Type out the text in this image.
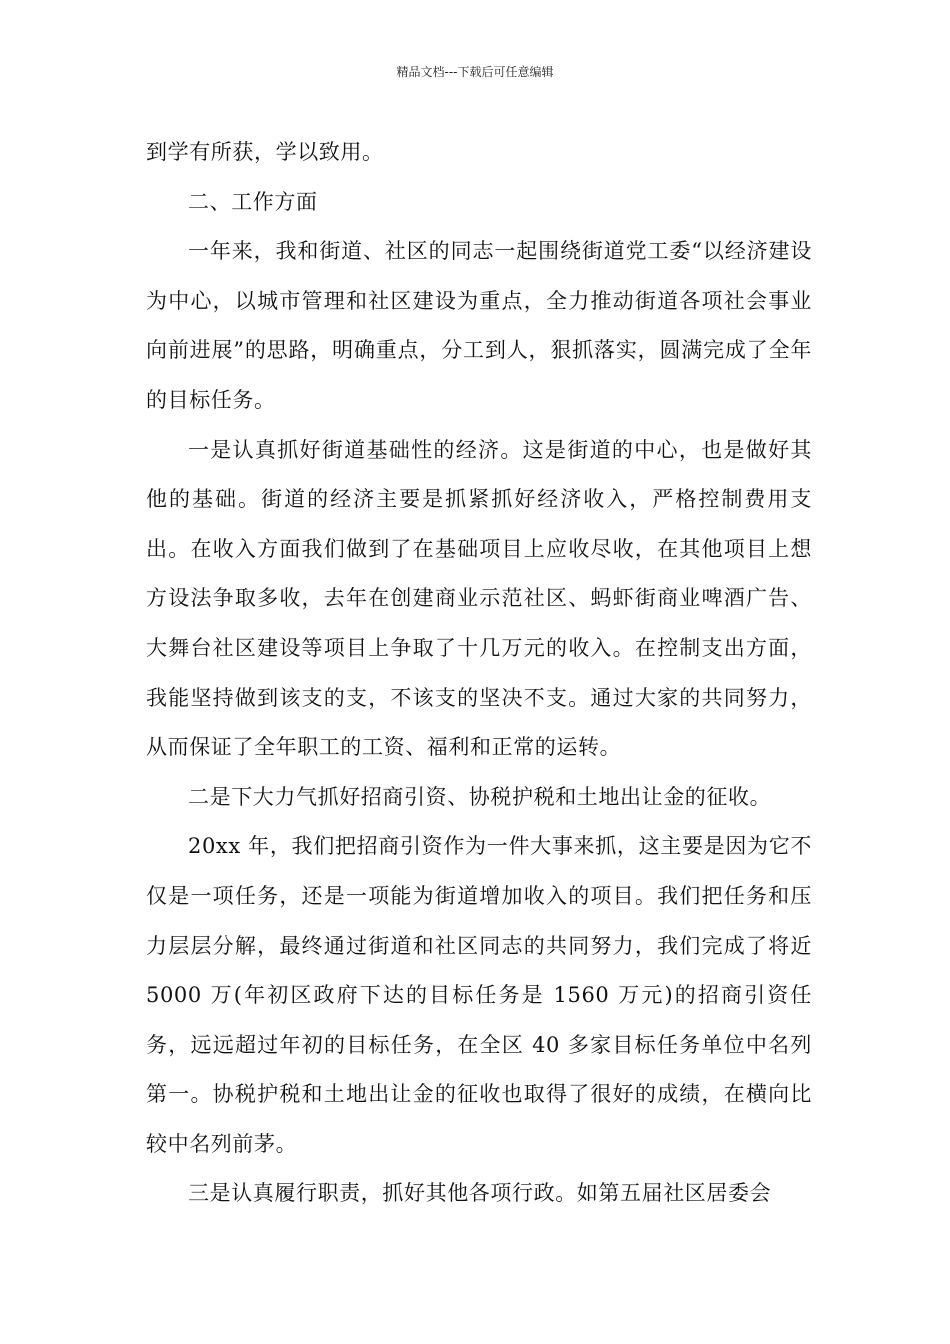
精品文档---下载后可任意编辑

到学有所获，学以致用。

二、工作方面

一年来，我和街道、社区的同志一起围绕街道党工委“以经济建设为中心，以城市管理和社区建设为重点，全力推动街道各项社会事业向前进展”的思路，明确重点，分工到人，狠抓落实，圆满完成了全年的目标任务。

一是认真抓好街道基础性的经济。这是街道的中心，也是做好其他的基础。街道的经济主要是抓紧抓好经济收入，严格控制费用支出。在收入方面我们做到了在基础项目上应收尽收，在其他项目上想方设法争取多收，去年在创建商业示范社区、蚂虾街商业啤酒广告、大舞台社区建设等项目上争取了十几万元的收入。在控制支出方面，我能坚持做到该支的支，不该支的坚决不支。通过大家的共同努力，从而保证了全年职工的工资、福利和正常的运转。

二是下大力气抓好招商引资、协税护税和土地出让金的征收。

20xx 年，我们把招商引资作为一件大事来抓，这主要是因为它不仅是一项任务，还是一项能为街道增加收入的项目。我们把任务和压力层层分解，最终通过街道和社区同志的共同努力，我们完成了将近 5000 万(年初区政府下达的目标任务是 1560 万元)的招商引资任务，远远超过年初的目标任务，在全区 40 多家目标任务单位中名列第一。协税护税和土地出让金的征收也取得了很好的成绩，在横向比较中名列前茅。

三是认真履行职责，抓好其他各项行政。如第五届社区居委会
